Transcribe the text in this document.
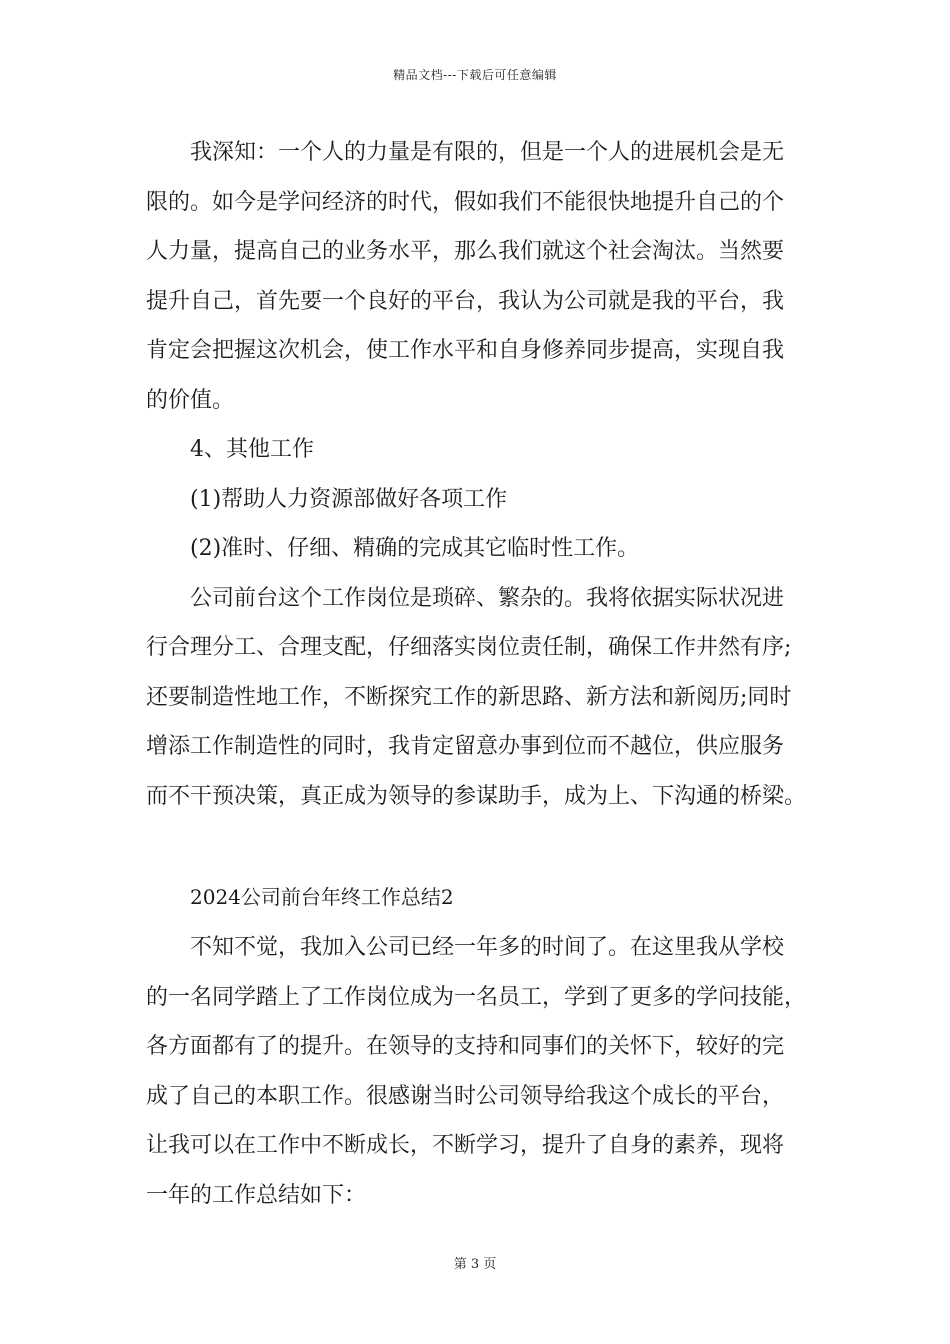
精品文档---下载后可任意编辑
我深知：一个人的力量是有限的，但是一个人的进展机会是无
限的。如今是学问经济的时代，假如我们不能很快地提升自己的个
人力量，提高自己的业务水平，那么我们就这个社会淘汰。当然要
提升自己，首先要一个良好的平台，我认为公司就是我的平台，我
肯定会把握这次机会，使工作水平和自身修养同步提高，实现自我
的价值。
4、其他工作
(1)帮助人力资源部做好各项工作
(2)准时、仔细、精确的完成其它临时性工作。
公司前台这个工作岗位是琐碎、繁杂的。我将依据实际状况进
行合理分工、合理支配，仔细落实岗位责任制，确保工作井然有序;
还要制造性地工作，不断探究工作的新思路、新方法和新阅历;同时
增添工作制造性的同时，我肯定留意办事到位而不越位，供应服务
而不干预决策，真正成为领导的参谋助手，成为上、下沟通的桥梁。
2024公司前台年终工作总结2
不知不觉，我加入公司已经一年多的时间了。在这里我从学校
的一名同学踏上了工作岗位成为一名员工，学到了更多的学问技能，
各方面都有了的提升。在领导的支持和同事们的关怀下，较好的完
成了自己的本职工作。很感谢当时公司领导给我这个成长的平台，
让我可以在工作中不断成长，不断学习，提升了自身的素养，现将
一年的工作总结如下：
第 3 页
